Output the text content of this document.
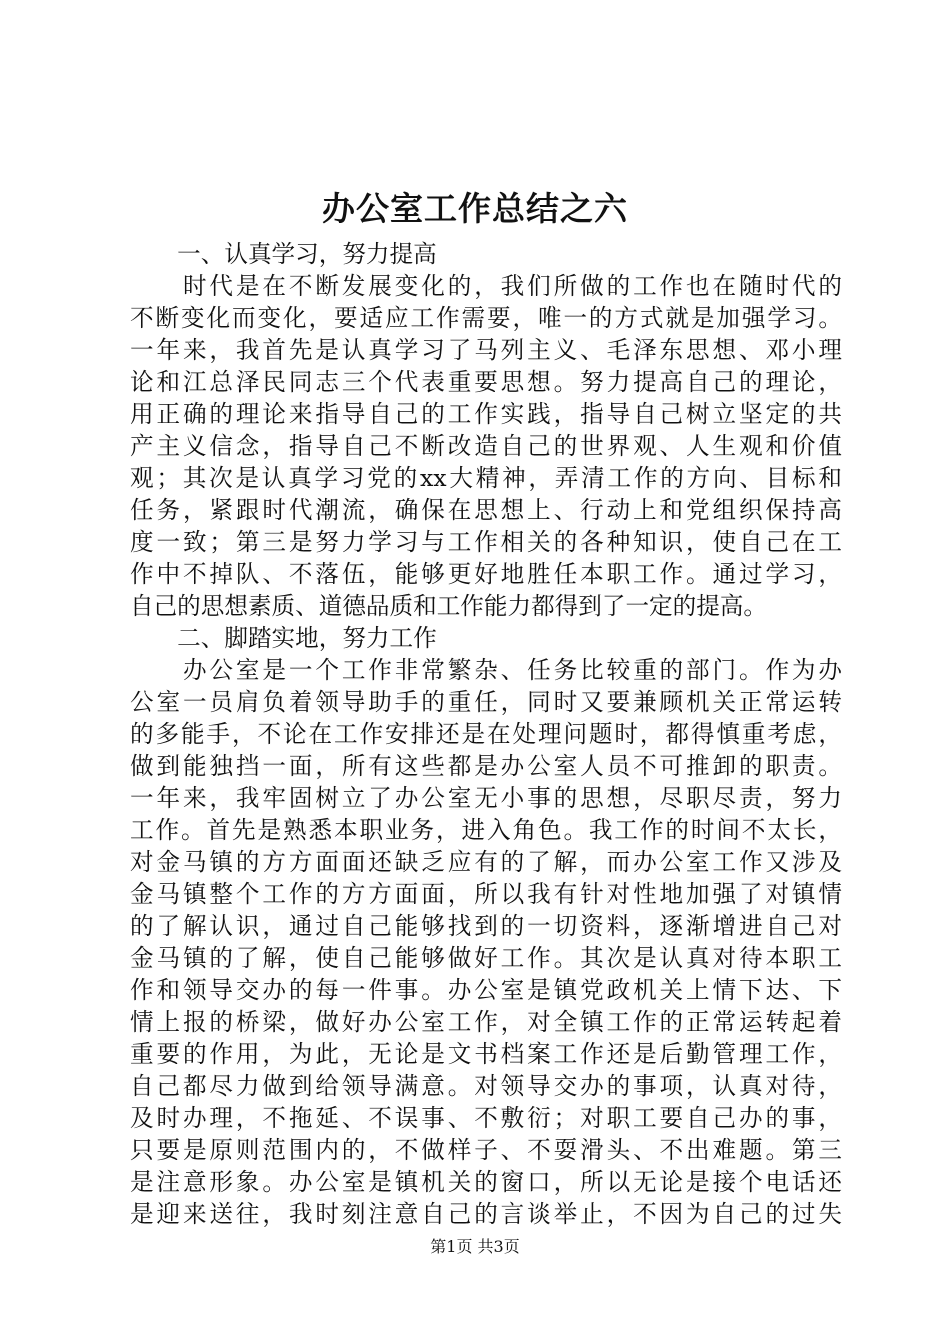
办公室工作总结之六
　　一、认真学习，努力提高
　　时代是在不断发展变化的，我们所做的工作也在随时代的
不断变化而变化，要适应工作需要，唯一的方式就是加强学习。
一年来，我首先是认真学习了马列主义、毛泽东思想、邓小理
论和江总泽民同志三个代表重要思想。努力提高自己的理论，
用正确的理论来指导自己的工作实践，指导自己树立坚定的共
产主义信念，指导自己不断改造自己的世界观、人生观和价值
观；其次是认真学习党的xx大精神，弄清工作的方向、目标和
任务，紧跟时代潮流，确保在思想上、行动上和党组织保持高
度一致；第三是努力学习与工作相关的各种知识，使自己在工
作中不掉队、不落伍，能够更好地胜任本职工作。通过学习，
自己的思想素质、道德品质和工作能力都得到了一定的提高。
　　二、脚踏实地，努力工作
　　办公室是一个工作非常繁杂、任务比较重的部门。作为办
公室一员肩负着领导助手的重任，同时又要兼顾机关正常运转
的多能手，不论在工作安排还是在处理问题时，都得慎重考虑，
做到能独挡一面，所有这些都是办公室人员不可推卸的职责。
一年来，我牢固树立了办公室无小事的思想，尽职尽责，努力
工作。首先是熟悉本职业务，进入角色。我工作的时间不太长，
对金马镇的方方面面还缺乏应有的了解，而办公室工作又涉及
金马镇整个工作的方方面面，所以我有针对性地加强了对镇情
的了解认识，通过自己能够找到的一切资料，逐渐增进自己对
金马镇的了解，使自己能够做好工作。其次是认真对待本职工
作和领导交办的每一件事。办公室是镇党政机关上情下达、下
情上报的桥梁，做好办公室工作，对全镇工作的正常运转起着
重要的作用，为此，无论是文书档案工作还是后勤管理工作，
自己都尽力做到给领导满意。对领导交办的事项，认真对待，
及时办理，不拖延、不误事、不敷衍；对职工要自己办的事，
只要是原则范围内的，不做样子、不耍滑头、不出难题。第三
是注意形象。办公室是镇机关的窗口，所以无论是接个电话还
是迎来送往，我时刻注意自己的言谈举止，不因为自己的过失
第1页 共3页
